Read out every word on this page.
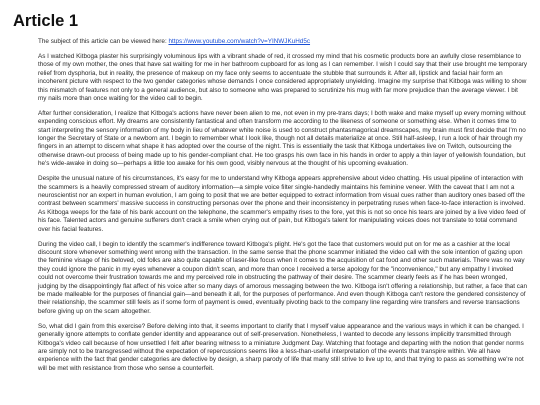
Article 1

The subject of this article can be viewed here: https://www.youtube.com/watch?v=YINWJKuHd5c

As I watched Kitboga plaster his surprisingly voluminous lips with a vibrant shade of red, it crossed my mind that his cosmetic products bore an awfully close resemblance to those of my own mother, the ones that have sat waiting for me in her bathroom cupboard for as long as I can remember. I wish I could say that their use brought me temporary relief from dysphoria, but in reality, the presence of makeup on my face only seems to accentuate the stubble that surrounds it. After all, lipstick and facial hair form an incoherent picture with respect to the two gender categories whose demands I once considered appropriately unyielding. Imagine my surprise that Kitboga was willing to show this mismatch of features not only to a general audience, but also to someone who was prepared to scrutinize his mug with far more prejudice than the average viewer. I bit my nails more than once waiting for the video call to begin.

After further consideration, I realize that Kitboga's actions have never been alien to me, not even in my pre-trans days; I both wake and make myself up every morning without expending conscious effort. My dreams are consistently fantastical and often transform me according to the likeness of someone or something else. When it comes time to start interpreting the sensory information of my body in lieu of whatever white noise is used to construct phantasmagorical dreamscapes, my brain must first decide that I'm no longer the Secretary of State or a newborn ant. I begin to remember what I look like, though not all details materialize at once. Still half-asleep, I run a lock of hair through my fingers in an attempt to discern what shape it has adopted over the course of the night. This is essentially the task that Kitboga undertakes live on Twitch, outsourcing the otherwise drawn-out process of being made up to his gender-compliant chat. He too grasps his own face in his hands in order to apply a thin layer of yellowish foundation, but he's wide-awake in doing so—perhaps a little too awake for his own good, visibly nervous at the thought of his upcoming evaluation.

Despite the unusual nature of his circumstances, it's easy for me to understand why Kitboga appears apprehensive about video chatting. His usual pipeline of interaction with the scammers is a heavily compressed stream of auditory information—a simple voice filter single-handedly maintains his feminine veneer. With the caveat that I am not a neuroscientist nor an expert in human evolution, I am going to posit that we are better equipped to extract information from visual cues rather than auditory ones based off the contrast between scammers' massive success in constructing personas over the phone and their inconsistency in perpetrating ruses when face-to-face interaction is involved. As Kitboga weeps for the fate of his bank account on the telephone, the scammer's empathy rises to the fore, yet this is not so once his tears are joined by a live video feed of his face. Talented actors and genuine sufferers don't crack a smile when crying out of pain, but Kitboga's talent for manipulating voices does not translate to total command over his facial features.

During the video call, I begin to identify the scammer's indifference toward Kitboga's plight. He's got the face that customers would put on for me as a cashier at the local discount store whenever something went wrong with the transaction. In the same sense that the phone scammer initiated the video call with the sole intention of gazing upon the feminine visage of his beloved, old folks are also quite capable of laser-like focus when it comes to the acquisition of cat food and other such materials. There was no way they could ignore the panic in my eyes whenever a coupon didn't scan, and more than once I received a terse apology for the "inconvenience," but any empathy I invoked could not overcome their frustration towards me and my perceived role in obstructing the pathway of their desire. The scammer clearly feels as if he has been wronged, judging by the disappointingly flat affect of his voice after so many days of amorous messaging between the two. Kitboga isn't offering a relationship, but rather, a face that can be made malleable for the purposes of financial gain—and beneath it all, for the purposes of performance. And even though Kitboga can't restore the gendered consistency of their relationship, the scammer still feels as if some form of payment is owed, eventually pivoting back to the company line regarding wire transfers and reverse transactions before giving up on the scam altogether.

So, what did I gain from this exercise? Before delving into that, it seems important to clarify that I myself value appearance and the various ways in which it can be changed. I generally ignore attempts to conflate gender identity and appearance out of self-preservation. Nonetheless, I wanted to decode any lessons implicitly transmitted through Kitboga's video call because of how unsettled I felt after bearing witness to a miniature Judgment Day. Watching that footage and departing with the notion that gender norms are simply not to be transgressed without the expectation of repercussions seems like a less-than-useful interpretation of the events that transpire within. We all have experience with the fact that gender categories are defective by design, a sharp parody of life that many still strive to live up to, and that trying to pass as something we're not will be met with resistance from those who sense a counterfeit.
